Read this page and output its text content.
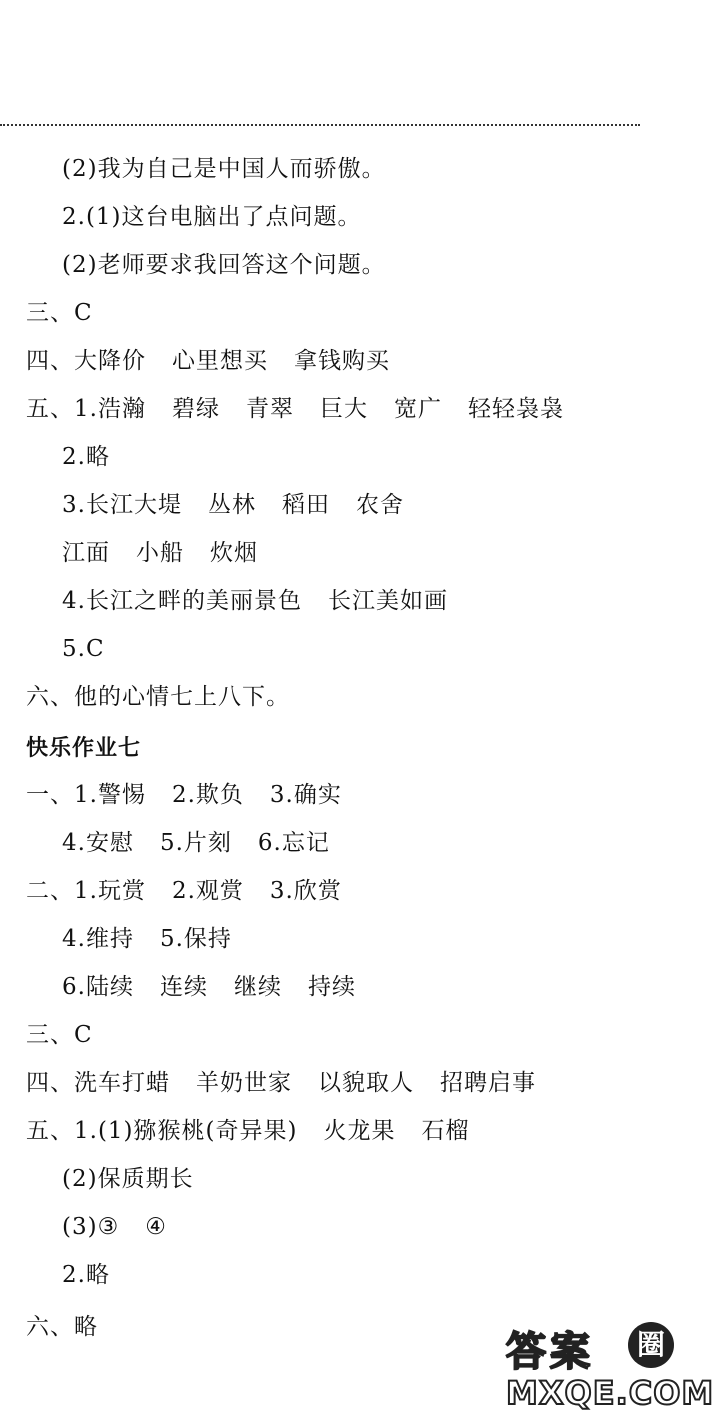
(2)我为自己是中国人而骄傲。
2.(1)这台电脑出了点问题。
(2)老师要求我回答这个问题。
三、C
四、大降价 心里想买 拿钱购买
五、1.浩瀚 碧绿 青翠 巨大 宽广 轻轻袅袅
2.略
3.长江大堤 丛林 稻田 农舍
江面 小船 炊烟
4.长江之畔的美丽景色 长江美如画
5.C
六、他的心情七上八下。
快乐作业七
一、1.警惕 2.欺负 3.确实
4.安慰 5.片刻 6.忘记
二、1.玩赏 2.观赏 3.欣赏
4.维持 5.保持
6.陆续 连续 继续 持续
三、C
四、洗车打蜡 羊奶世家 以貌取人 招聘启事
五、1.(1)猕猴桃(奇异果) 火龙果 石榴
(2)保质期长
(3)③ ④
2.略
六、略
答案	圈
MXQE.COM
